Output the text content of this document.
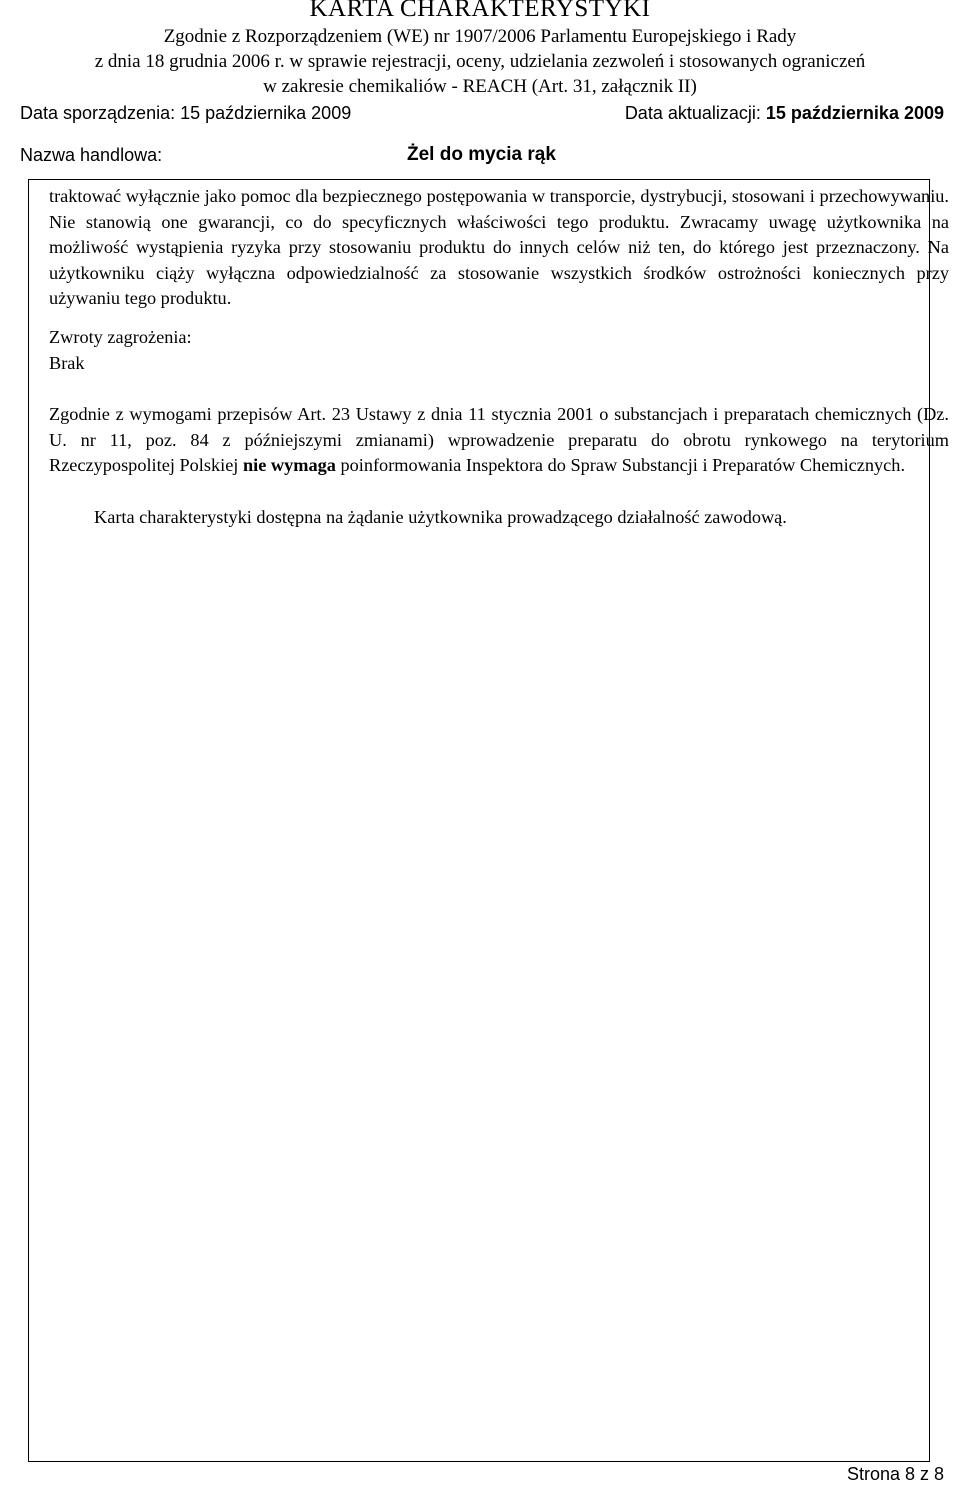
KARTA CHARAKTERYSTYKI
Zgodnie z Rozporządzeniem (WE) nr 1907/2006 Parlamentu Europejskiego i Rady
z dnia 18 grudnia 2006 r. w sprawie rejestracji, oceny, udzielania zezwoleń i stosowanych ograniczeń
w zakresie chemikaliów - REACH (Art. 31, załącznik II)
Data sporządzenia: 15 października 2009	Data aktualizacji: 15 października 2009
Nazwa handlowa:	Żel do mycia rąk

traktować wyłącznie jako pomoc dla bezpiecznego postępowania w transporcie, dystrybucji, stosowani i przechowywaniu. Nie stanowią one gwarancji, co do specyficznych właściwości tego produktu. Zwracamy uwagę użytkownika na możliwość wystąpienia ryzyka przy stosowaniu produktu do innych celów niż ten, do którego jest przeznaczony. Na użytkowniku ciąży wyłączna odpowiedzialność za stosowanie wszystkich środków ostrożności koniecznych przy używaniu tego produktu.

Zwroty zagrożenia:

Brak

Zgodnie z wymogami przepisów Art. 23 Ustawy z dnia 11 stycznia 2001 o substancjach i preparatach chemicznych (Dz. U. nr 11, poz. 84 z późniejszymi zmianami) wprowadzenie preparatu do obrotu rynkowego na terytorium Rzeczypospolitej Polskiej nie wymaga poinformowania Inspektora do Spraw Substancji i Preparatów Chemicznych.

Karta charakterystyki dostępna na żądanie użytkownika prowadzącego działalność zawodową.

Strona 8 z 8
